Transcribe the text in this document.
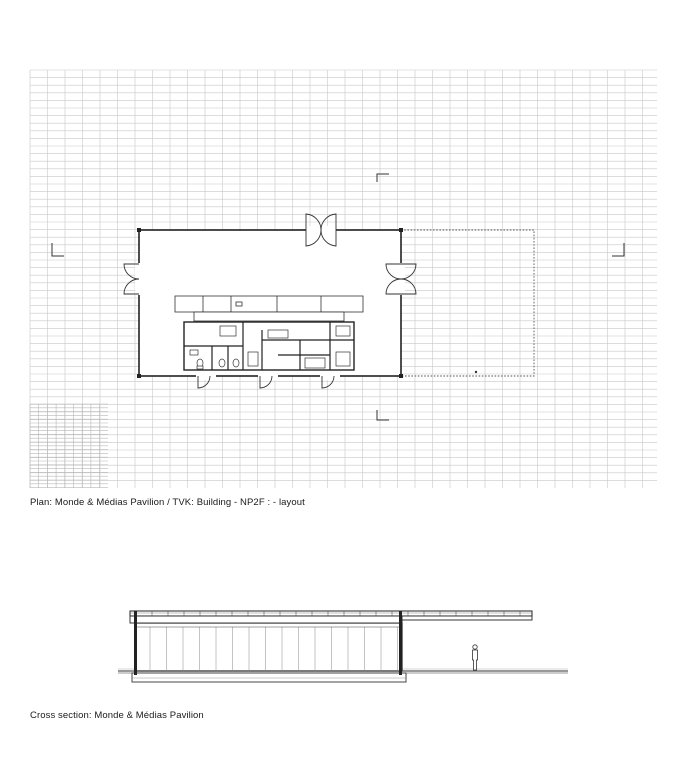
Plan: Monde & Médias Pavilion / TVK: Building - NP2F : - layout
Cross section: Monde & Médias Pavilion
